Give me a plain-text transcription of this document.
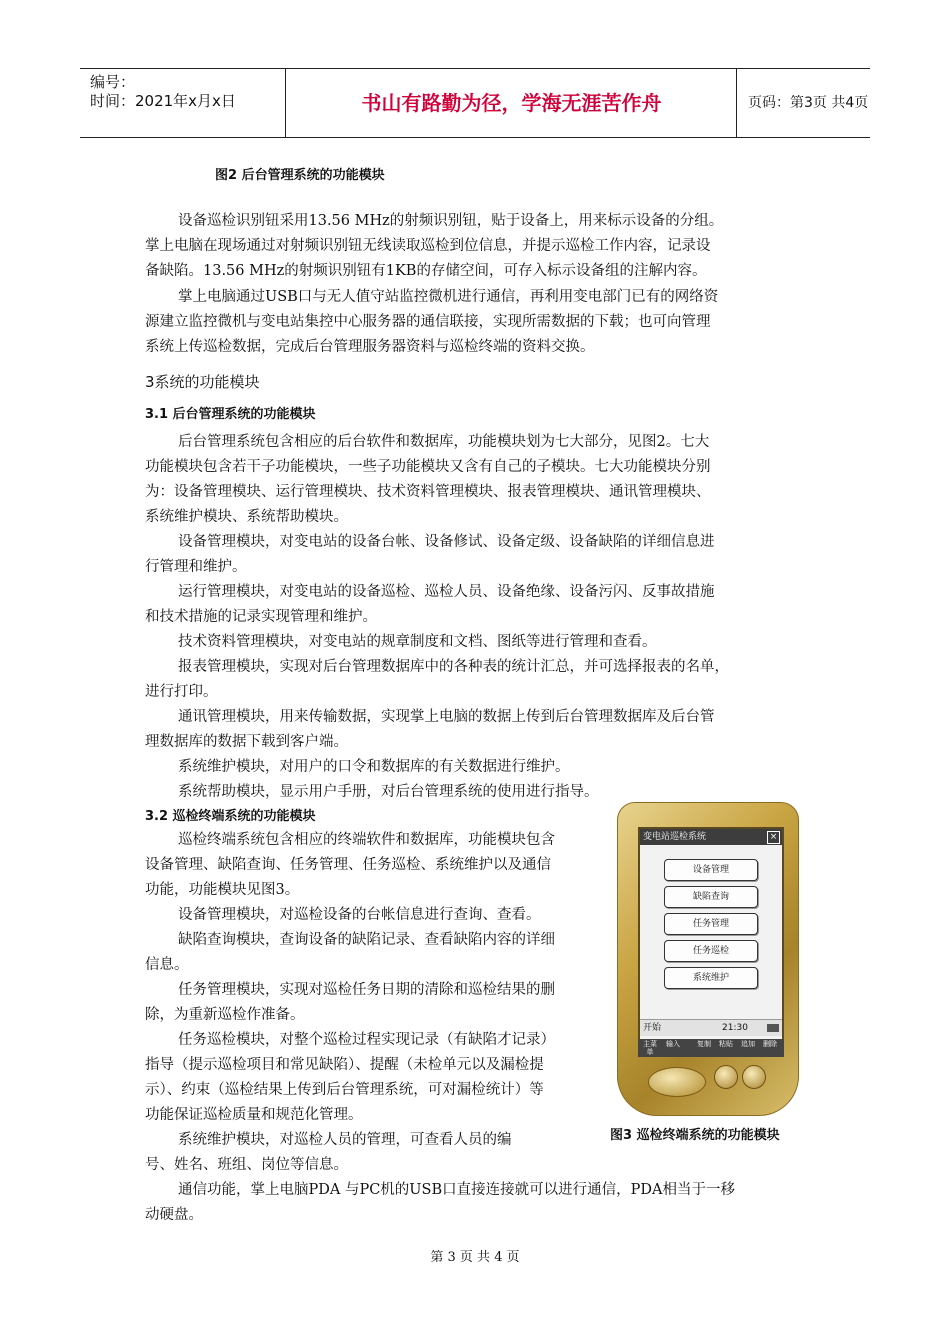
编号：
时间：2021年x月x日	书山有路勤为径，学海无涯苦作舟	页码：第3页 共4页
图2 后台管理系统的功能模块
设备巡检识别钮采用13.56 MHz的射频识别钮，贴于设备上，用来标示设备的分组。
掌上电脑在现场通过对射频识别钮无线读取巡检到位信息，并提示巡检工作内容，记录设
备缺陷。13.56 MHz的射频识别钮有1KB的存储空间，可存入标示设备组的注解内容。
掌上电脑通过USB口与无人值守站监控微机进行通信，再利用变电部门已有的网络资
源建立监控微机与变电站集控中心服务器的通信联接，实现所需数据的下载；也可向管理
系统上传巡检数据，完成后台管理服务器资料与巡检终端的资料交换。
3系统的功能模块
3.1 后台管理系统的功能模块
后台管理系统包含相应的后台软件和数据库，功能模块划为七大部分，见图2。七大
功能模块包含若干子功能模块，一些子功能模块又含有自己的子模块。七大功能模块分别
为：设备管理模块、运行管理模块、技术资料管理模块、报表管理模块、通讯管理模块、
系统维护模块、系统帮助模块。
设备管理模块，对变电站的设备台帐、设备修试、设备定级、设备缺陷的详细信息进
行管理和维护。
运行管理模块，对变电站的设备巡检、巡检人员、设备绝缘、设备污闪、反事故措施
和技术措施的记录实现管理和维护。
技术资料管理模块，对变电站的规章制度和文档、图纸等进行管理和查看。
报表管理模块，实现对后台管理数据库中的各种表的统计汇总，并可选择报表的名单，
进行打印。
通讯管理模块，用来传输数据，实现掌上电脑的数据上传到后台管理数据库及后台管
理数据库的数据下载到客户端。
系统维护模块，对用户的口令和数据库的有关数据进行维护。
系统帮助模块，显示用户手册，对后台管理系统的使用进行指导。
3.2 巡检终端系统的功能模块
巡检终端系统包含相应的终端软件和数据库，功能模块包含
设备管理、缺陷查询、任务管理、任务巡检、系统维护以及通信
功能，功能模块见图3。
设备管理模块，对巡检设备的台帐信息进行查询、查看。
缺陷查询模块，查询设备的缺陷记录、查看缺陷内容的详细
信息。
任务管理模块，实现对巡检任务日期的清除和巡检结果的删
除，为重新巡检作准备。
任务巡检模块，对整个巡检过程实现记录（有缺陷才记录）
指导（提示巡检项目和常见缺陷）、提醒（未检单元以及漏检提
示）、约束（巡检结果上传到后台管理系统，可对漏检统计）等
功能保证巡检质量和规范化管理。
系统维护模块，对巡检人员的管理，可查看人员的编
号、姓名、班组、岗位等信息。
通信功能，掌上电脑PDA 与PC机的USB口直接连接就可以进行通信，PDA相当于一移
动硬盘。
变电站巡检系统	×
设备管理
缺陷查询
任务管理
任务巡检
系统维护
开始	21:30
主菜单
输入	复制	粘贴	追加	删除
图3 巡检终端系统的功能模块
第 3 页 共 4 页
